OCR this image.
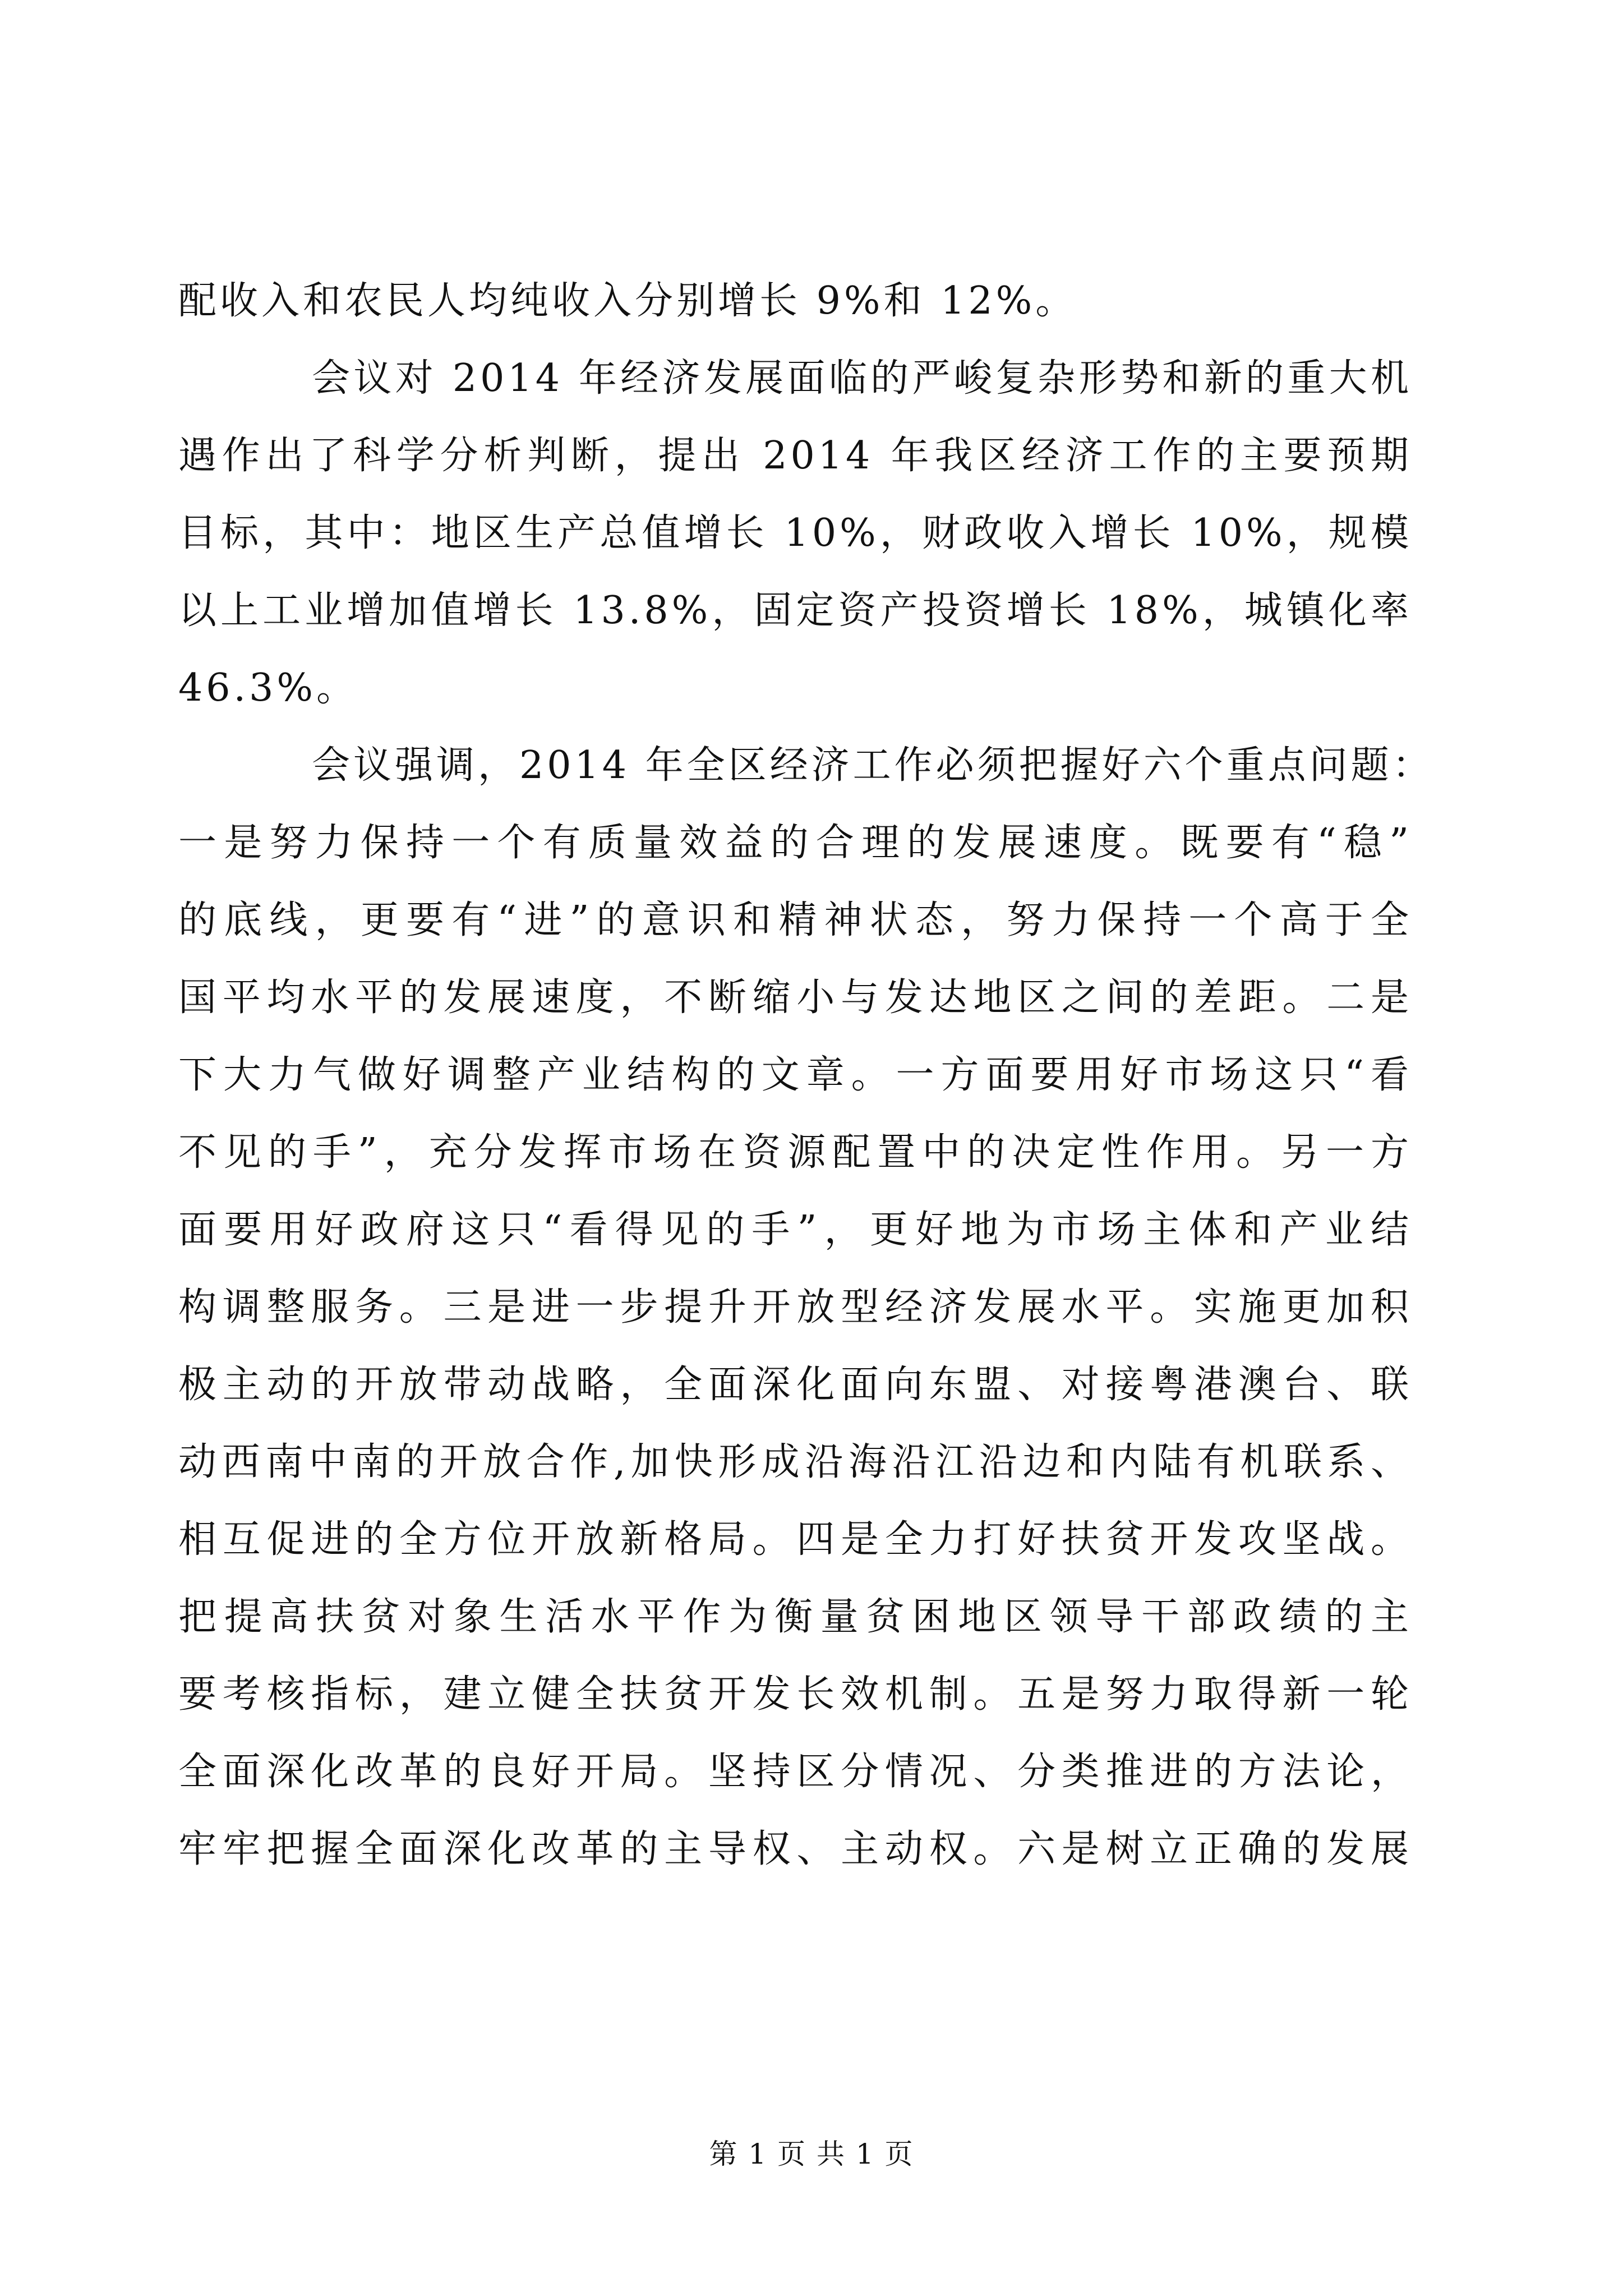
配收入和农民人均纯收入分别增长 9%和 12%。
会议对 2014 年经济发展面临的严峻复杂形势和新的重大机
遇作出了科学分析判断，提出 2014 年我区经济工作的主要预期
目标，其中：地区生产总值增长 10%，财政收入增长 10%，规模
以上工业增加值增长 13.8%，固定资产投资增长 18%，城镇化率
46.3%。
会议强调，2014 年全区经济工作必须把握好六个重点问题：
一是努力保持一个有质量效益的合理的发展速度。既要有“稳”
的底线，更要有“进”的意识和精神状态，努力保持一个高于全
国平均水平的发展速度，不断缩小与发达地区之间的差距。二是
下大力气做好调整产业结构的文章。一方面要用好市场这只“看
不见的手”，充分发挥市场在资源配置中的决定性作用。另一方
面要用好政府这只“看得见的手”，更好地为市场主体和产业结
构调整服务。三是进一步提升开放型经济发展水平。实施更加积
极主动的开放带动战略，全面深化面向东盟、对接粤港澳台、联
动西南中南的开放合作,加快形成沿海沿江沿边和内陆有机联系、
相互促进的全方位开放新格局。四是全力打好扶贫开发攻坚战。
把提高扶贫对象生活水平作为衡量贫困地区领导干部政绩的主
要考核指标，建立健全扶贫开发长效机制。五是努力取得新一轮
全面深化改革的良好开局。坚持区分情况、分类推进的方法论，
牢牢把握全面深化改革的主导权、主动权。六是树立正确的发展
第 1 页 共 1 页
